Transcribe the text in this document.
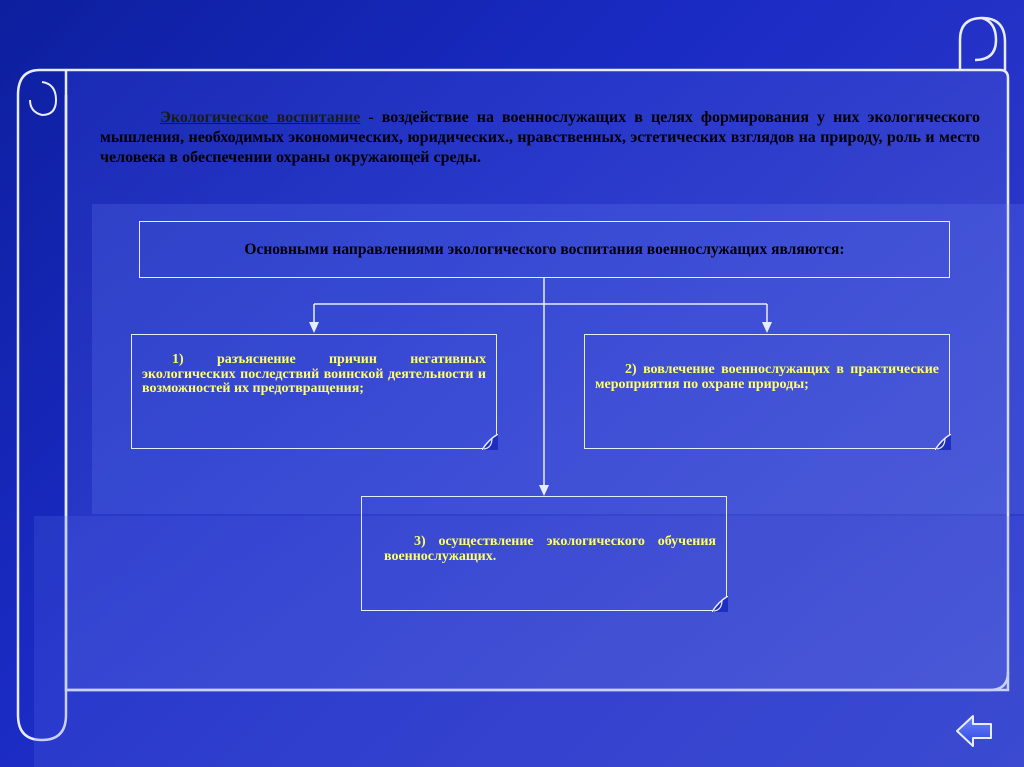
Экологическое воспитание - воздействие на военнослужащих в целях формирования у них экологического мышления, необходимых экономических, юридических., нравственных, эстетических взглядов на природу, роль и место человека в обеспечении охраны окружающей среды.

Основными направлениями экологического воспитания военнослужащих являются:
1) разъяснение причин негативных экологических последствий воинской деятельности и возможностей их предотвращения;
2) вовлечение военнослужащих в практические мероприятия по охране природы;
3) осуществление экологического обучения военнослужащих.
